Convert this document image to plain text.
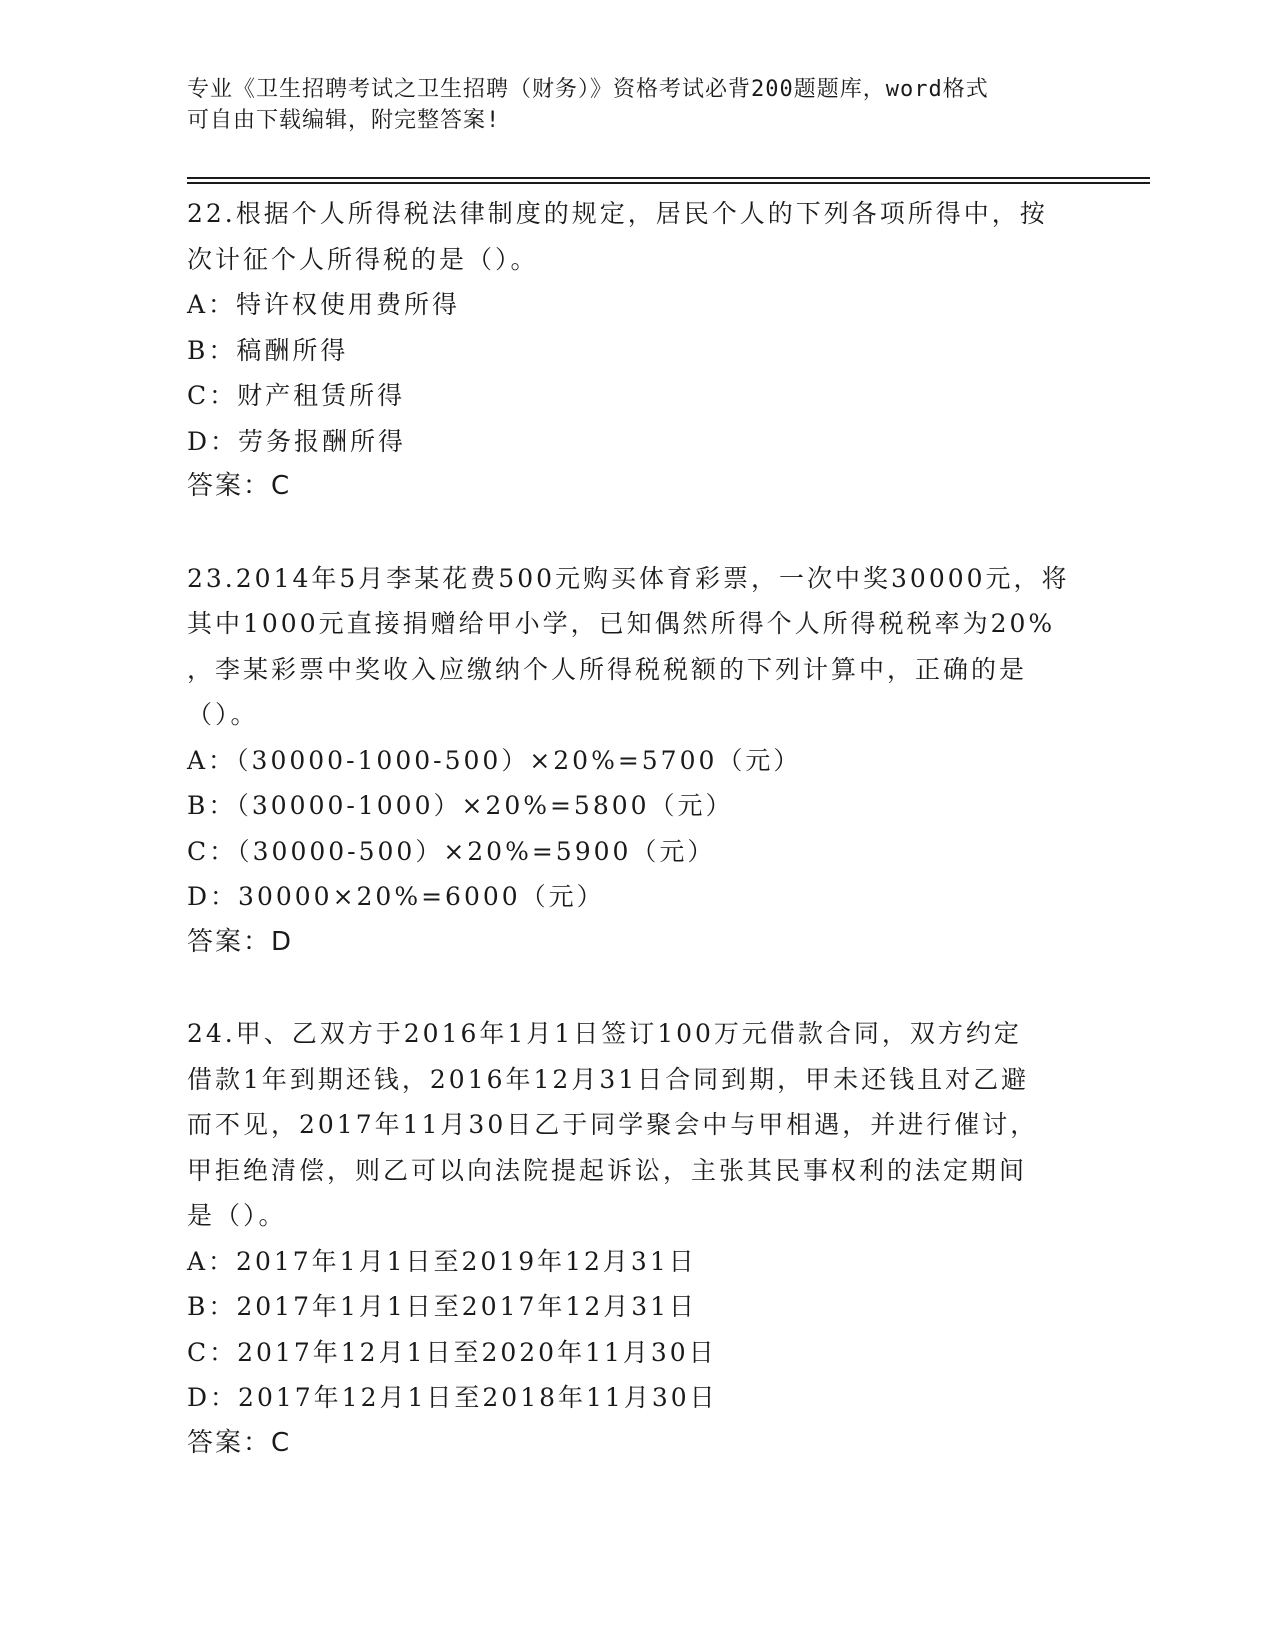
专业《卫生招聘考试之卫生招聘（财务）》资格考试必背200题题库，word格式
可自由下载编辑，附完整答案!

22.根据个人所得税法律制度的规定，居民个人的下列各项所得中，按

次计征个人所得税的是（）。

A：特许权使用费所得

B：稿酬所得

C：财产租赁所得

D：劳务报酬所得

答案：C

23.2014年5月李某花费500元购买体育彩票，一次中奖30000元，将

其中1000元直接捐赠给甲小学，已知偶然所得个人所得税税率为20%

，李某彩票中奖收入应缴纳个人所得税税额的下列计算中，正确的是

（）。

A：（30000-1000-500）×20%=5700（元）

B：（30000-1000）×20%=5800（元）

C：（30000-500）×20%=5900（元）

D：30000×20%=6000（元）

答案：D

24.甲、乙双方于2016年1月1日签订100万元借款合同，双方约定

借款1年到期还钱，2016年12月31日合同到期，甲未还钱且对乙避

而不见，2017年11月30日乙于同学聚会中与甲相遇，并进行催讨，

甲拒绝清偿，则乙可以向法院提起诉讼，主张其民事权利的法定期间

是（）。

A：2017年1月1日至2019年12月31日

B：2017年1月1日至2017年12月31日

C：2017年12月1日至2020年11月30日

D：2017年12月1日至2018年11月30日

答案：C
